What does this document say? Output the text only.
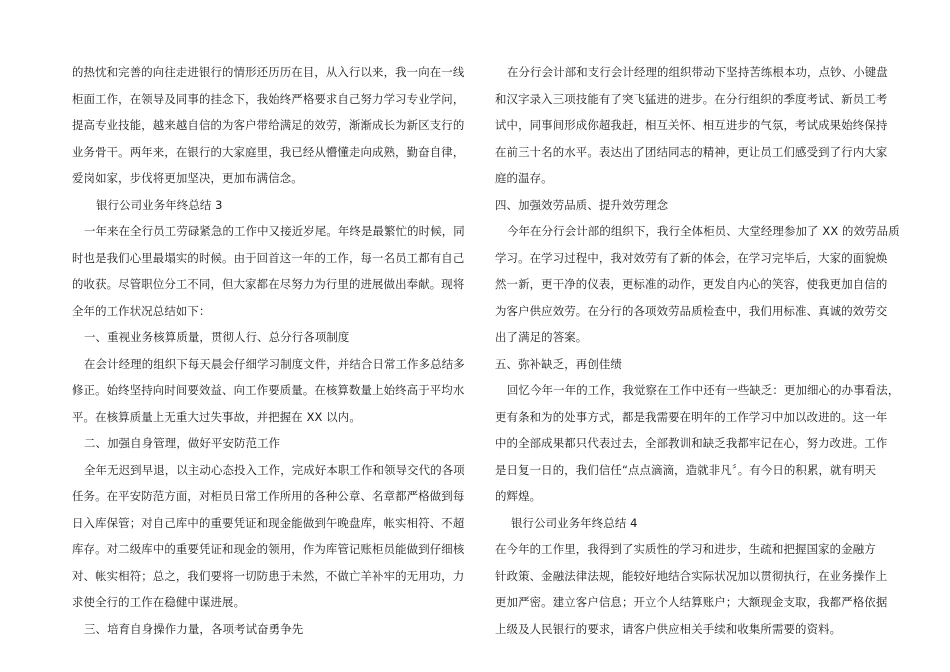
的热忱和完善的向往走进银行的情形还历历在目，从入行以来，我一向在一线
柜面工作，在领导及同事的挂念下，我始终严格要求自己努力学习专业学问，
提高专业技能，越来越自信的为客户带给满足的效劳，渐渐成长为新区支行的
业务骨干。两年来，在银行的大家庭里，我已经从懵懂走向成熟，勤奋自律，
爱岗如家，步伐将更加坚决，更加布满信念。
银行公司业务年终总结 3
一年来在全行员工劳碌紧急的工作中又接近岁尾。年终是最繁忙的时候，同
时也是我们心里最塌实的时候。由于回首这一年的工作，每一名员工都有自己
的收获。尽管职位分工不同，但大家都在尽努力为行里的进展做出奉献。现将
全年的工作状况总结如下：
一、重视业务核算质量，贯彻人行、总分行各项制度
在会计经理的组织下每天晨会仔细学习制度文件，并结合日常工作多总结多
修正。始终坚持向时间要效益、向工作要质量。在核算数量上始终高于平均水
平。在核算质量上无重大过失事故，并把握在 XX 以内。
二、加强自身管理，做好平安防范工作
全年无迟到早退，以主动心态投入工作，完成好本职工作和领导交代的各项
任务。在平安防范方面，对柜员日常工作所用的各种公章、名章都严格做到每
日入库保管；对自己库中的重要凭证和现金能做到午晚盘库，帐实相符、不超
库存。对二级库中的重要凭证和现金的领用，作为库管记账柜员能做到仔细核
对、帐实相符；总之，我们要将一切防患于未然，不做亡羊补牢的无用功，力
求使全行的工作在稳健中谋进展。
三、培育自身操作力量，各项考试奋勇争先
在分行会计部和支行会计经理的组织带动下坚持苦练根本功，点钞、小键盘
和汉字录入三项技能有了突飞猛进的进步。在分行组织的季度考试、新员工考
试中，同事间形成你超我赶，相互关怀、相互进步的气氛，考试成果始终保持
在前三十名的水平。表达出了团结同志的精神，更让员工们感受到了行内大家
庭的温存。
四、加强效劳品质、提升效劳理念
今年在分行会计部的组织下，我行全体柜员、大堂经理参加了 XX 的效劳品质
学习。在学习过程中，我对效劳有了新的体会，在学习完毕后，大家的面貌焕
然一新，更干净的仪表，更标准的动作，更发自内心的笑容，使我更加自信的
为客户供应效劳。在分行的各项效劳品质检查中，我们用标准、真诚的效劳交
出了满足的答案。
五、弥补缺乏，再创佳绩
回忆今年一年的工作，我觉察在工作中还有一些缺乏：更加细心的办事看法，
更有条和为的处事方式，都是我需要在明年的工作学习中加以改进的。这一年
中的全部成果都只代表过去，全部教训和缺乏我都牢记在心，努力改进。工作
是日复一日的，我们信任“点点滴滴，造就非凡〞。有今日的积累，就有明天
的辉煌。
银行公司业务年终总结 4
在今年的工作里，我得到了实质性的学习和进步，生疏和把握国家的金融方
针政策、金融法律法规，能较好地结合实际状况加以贯彻执行，在业务操作上
更加严密。建立客户信息；开立个人结算账户；大额现金支取，我都严格依据
上级及人民银行的要求，请客户供应相关手续和收集所需要的资料。
